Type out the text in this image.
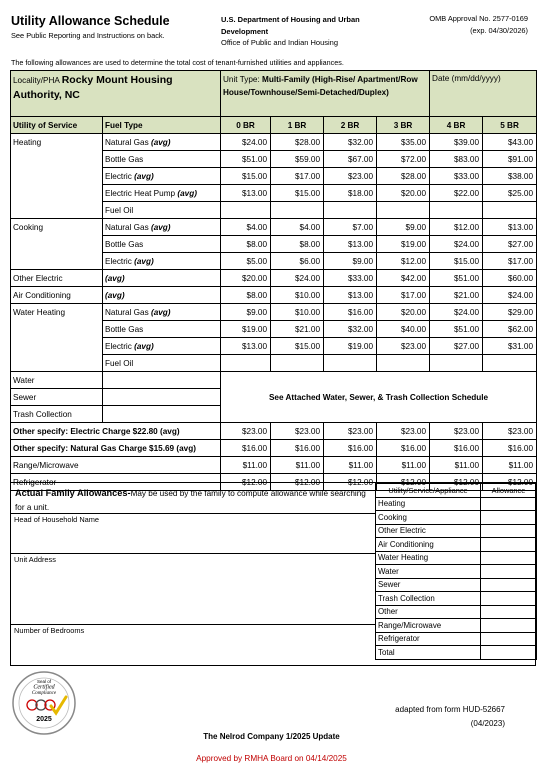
Utility Allowance Schedule
See Public Reporting and Instructions on back.
U.S. Department of Housing and Urban Development
Office of Public and Indian Housing
OMB Approval No. 2577-0169
(exp. 04/30/2026)
The following allowances are used to determine the total cost of tenant-furnished utilities and appliances.
Locality/PHA Rocky Mount Housing
Authority, NC		Unit Type: Multi-Family (High-Rise/ Apartment/Row House/Townhouse/Semi-Detached/Duplex)				Date (mm/dd/yyyy)	
Utility of Service	Fuel Type	0 BR	1 BR	2 BR	3 BR	4 BR	5 BR
Heating	Natural Gas (avg)	$24.00	$28.00	$32.00	$35.00	$39.00	$43.00
	Bottle Gas	$51.00	$59.00	$67.00	$72.00	$83.00	$91.00
	Electric (avg)	$15.00	$17.00	$23.00	$28.00	$33.00	$38.00
	Electric Heat Pump (avg)	$13.00	$15.00	$18.00	$20.00	$22.00	$25.00
	Fuel Oil						
Cooking	Natural Gas (avg)	$4.00	$4.00	$7.00	$9.00	$12.00	$13.00
	Bottle Gas	$8.00	$8.00	$13.00	$19.00	$24.00	$27.00
	Electric (avg)	$5.00	$6.00	$9.00	$12.00	$15.00	$17.00
Other Electric	(avg)	$20.00	$24.00	$33.00	$42.00	$51.00	$60.00
Air Conditioning	(avg)	$8.00	$10.00	$13.00	$17.00	$21.00	$24.00
Water Heating	Natural Gas (avg)	$9.00	$10.00	$16.00	$20.00	$24.00	$29.00
	Bottle Gas	$19.00	$21.00	$32.00	$40.00	$51.00	$62.00
	Electric (avg)	$13.00	$15.00	$19.00	$23.00	$27.00	$31.00
	Fuel Oil						
Water		See Attached Water, Sewer, & Trash Collection Schedule					
Sewer							
Trash Collection							
Other specify: Electric Charge $22.80 (avg)		$23.00	$23.00	$23.00	$23.00	$23.00	$23.00
Other specify: Natural Gas Charge $15.69 (avg)		$16.00	$16.00	$16.00	$16.00	$16.00	$16.00
Range/Microwave		$11.00	$11.00	$11.00	$11.00	$11.00	$11.00
Refrigerator		$12.00	$12.00	$12.00	$12.00	$12.00	$12.00
Actual Family Allowances-May be used by the family to compute allowance while searching for a unit.
Head of Household Name
Unit Address
Number of Bedrooms
Utility/Service/Appliance	Allowance
Heating	
Cooking	
Other Electric	
Air Conditioning	
Water Heating	
Water	
Sewer	
Trash Collection	
Other	
Range/Microwave	
Refrigerator	
Total	
Seal of
Certified
Compliance
2025
adapted from form HUD-52667
(04/2023)
The Nelrod Company 1/2025 Update
Approved by RMHA Board on 04/14/2025
